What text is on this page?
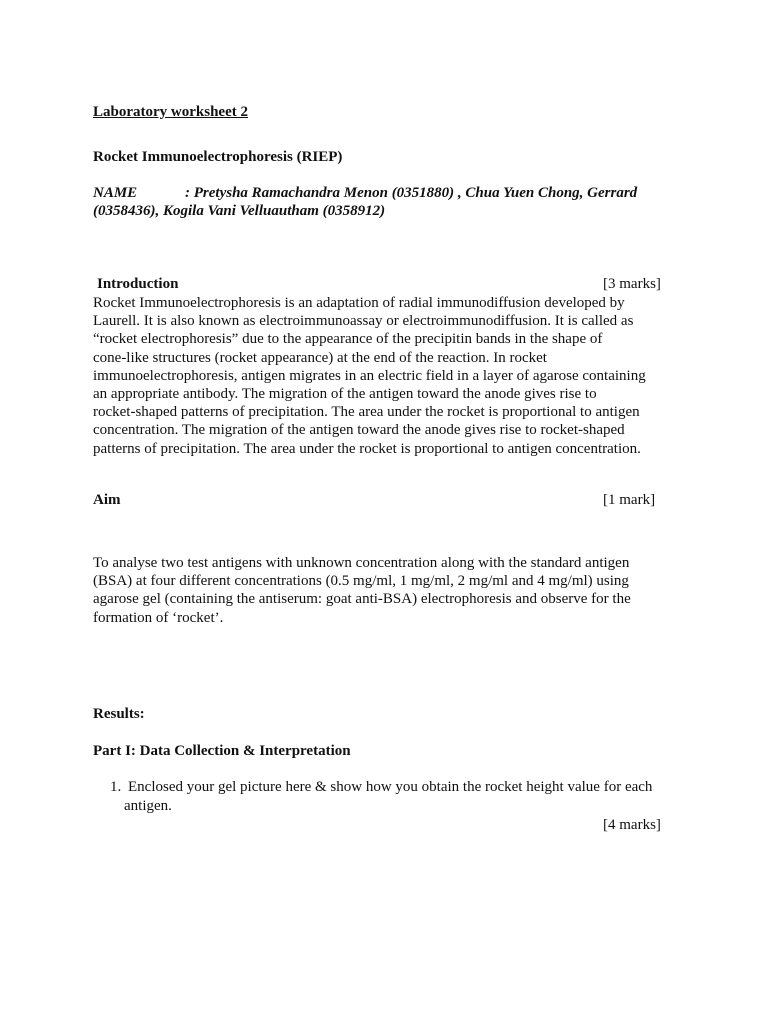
Laboratory worksheet 2
Rocket Immunoelectrophoresis (RIEP)
NAME	: Pretysha Ramachandra Menon (0351880) , Chua Yuen Chong, Gerrard
(0358436), Kogila Vani Velluautham (0358912)
Introduction	[3 marks]

Rocket Immunoelectrophoresis is an adaptation of radial immunodiffusion developed by

Laurell. It is also known as electroimmunoassay or electroimmunodiffusion. It is called as

“rocket electrophoresis” due to the appearance of the precipitin bands in the shape of

cone-like structures (rocket appearance) at the end of the reaction. In rocket

immunoelectrophoresis, antigen migrates in an electric field in a layer of agarose containing

an appropriate antibody. The migration of the antigen toward the anode gives rise to

rocket-shaped patterns of precipitation. The area under the rocket is proportional to antigen

concentration. The migration of the antigen toward the anode gives rise to rocket-shaped

patterns of precipitation. The area under the rocket is proportional to antigen concentration.

Aim	[1 mark]

To analyse two test antigens with unknown concentration along with the standard antigen

(BSA) at four different concentrations (0.5 mg/ml, 1 mg/ml, 2 mg/ml and 4 mg/ml) using

agarose gel (containing the antiserum: goat anti-BSA) electrophoresis and observe for the

formation of ‘rocket’.

Results:
Part I: Data Collection & Interpretation
1. Enclosed your gel picture here & show how you obtain the rocket height value for each
antigen.
[4 marks]
